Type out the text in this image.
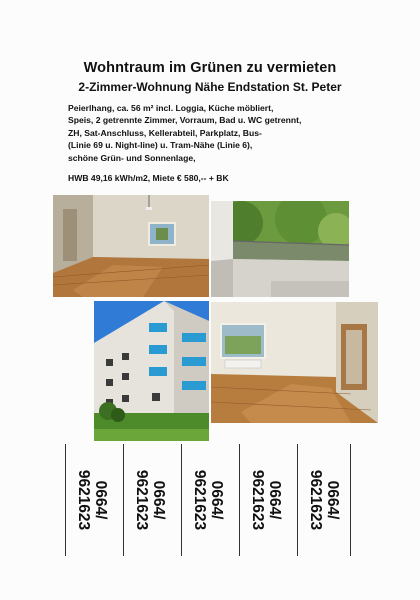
Wohntraum im Grünen zu vermieten
2-Zimmer-Wohnung Nähe Endstation St. Peter
Peierlhang, ca. 56 m² incl. Loggia, Küche möbliert,
Speis, 2 getrennte Zimmer, Vorraum, Bad u. WC getrennt,
ZH, Sat-Anschluss, Kellerabteil, Parkplatz, Bus-
(Linie 69 u. Night-line) u. Tram-Nähe (Linie 6),
schöne Grün- und Sonnenlage,
HWB 49,16 kWh/m2, Miete € 580,-- + BK
0664/
9621623	0664/
9621623	0664/
9621623	0664/
9621623	0664/
9621623
